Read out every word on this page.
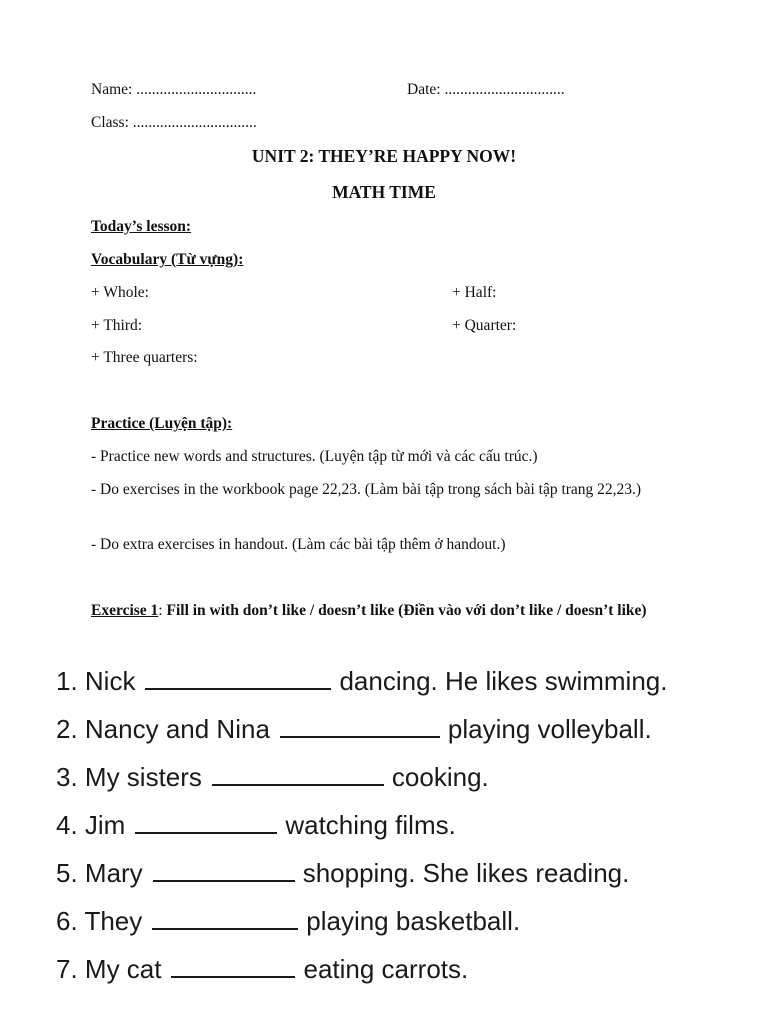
Name: ...............................	Date: ...............................
Class: ................................
UNIT 2: THEY’RE HAPPY NOW!
MATH TIME
Today’s lesson:
Vocabulary (Từ vựng):
+ Whole:	+ Half:
+ Third:	+ Quarter:
+ Three quarters:
Practice (Luyện tập):
- Practice new words and structures. (Luyện tập từ mới và các cấu trúc.)
- Do exercises in the workbook page 22,23. (Làm bài tập trong sách bài tập trang 22,23.)
- Do extra exercises in handout. (Làm các bài tập thêm ở handout.)
Exercise 1: Fill in with don’t like / doesn’t like (Điền vào với don’t like / doesn’t like)
1. Nick	dancing. He likes swimming.
2. Nancy and Nina	playing volleyball.
3. My sisters	cooking.
4. Jim	watching films.
5. Mary	shopping. She likes reading.
6. They	playing basketball.
7. My cat	eating carrots.
